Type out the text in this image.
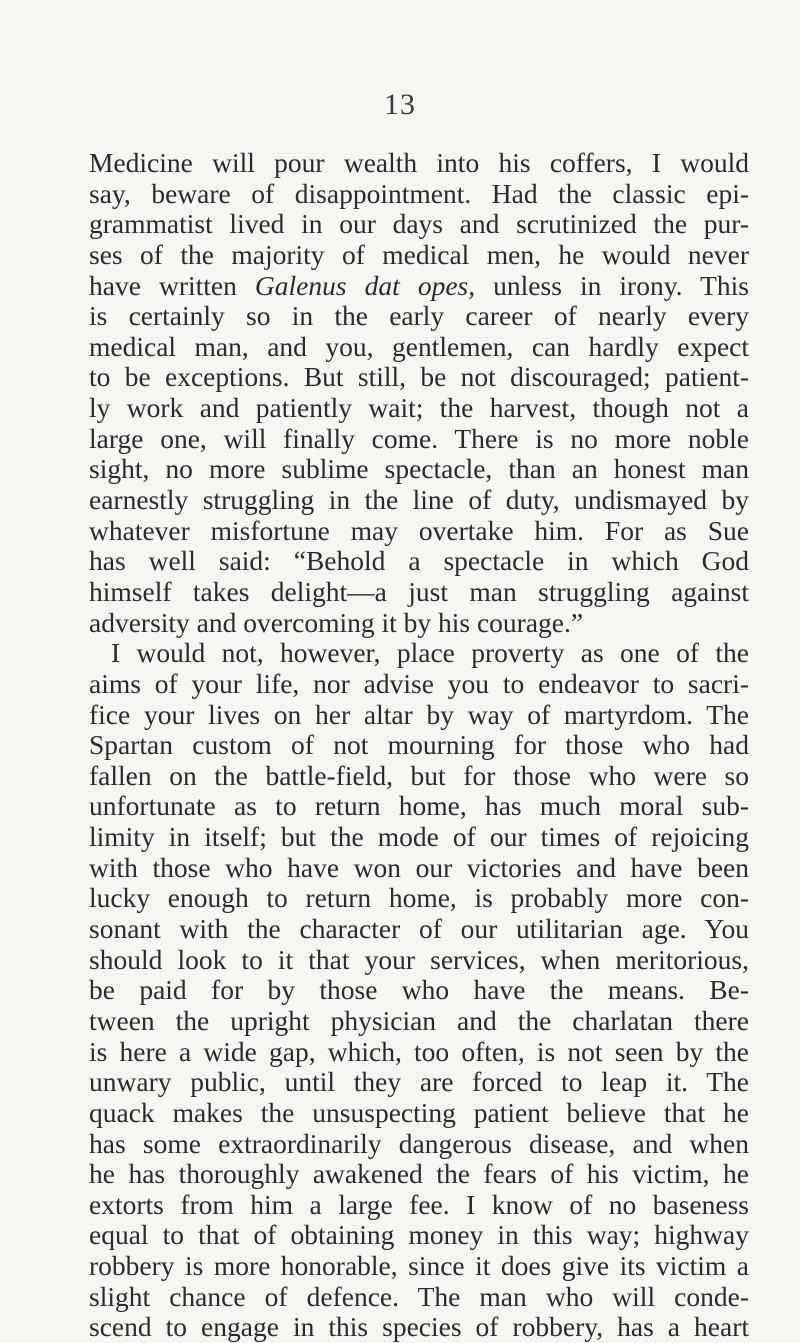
13
Medicine will pour wealth into his coffers, I would
say, beware of disappointment. Had the classic epi-
grammatist lived in our days and scrutinized the pur-
ses of the majority of medical men, he would never
have written Galenus dat opes, unless in irony. This
is certainly so in the early career of nearly every
medical man, and you, gentlemen, can hardly expect
to be exceptions. But still, be not discouraged; patient-
ly work and patiently wait; the harvest, though not a
large one, will finally come. There is no more noble
sight, no more sublime spectacle, than an honest man
earnestly struggling in the line of duty, undismayed by
whatever misfortune may overtake him. For as Sue
has well said: “Behold a spectacle in which God
himself takes delight—a just man struggling against
adversity and overcoming it by his courage.”
I would not, however, place proverty as one of the
aims of your life, nor advise you to endeavor to sacri-
fice your lives on her altar by way of martyrdom. The
Spartan custom of not mourning for those who had
fallen on the battle-field, but for those who were so
unfortunate as to return home, has much moral sub-
limity in itself; but the mode of our times of rejoicing
with those who have won our victories and have been
lucky enough to return home, is probably more con-
sonant with the character of our utilitarian age. You
should look to it that your services, when meritorious,
be paid for by those who have the means. Be-
tween the upright physician and the charlatan there
is here a wide gap, which, too often, is not seen by the
unwary public, until they are forced to leap it. The
quack makes the unsuspecting patient believe that he
has some extraordinarily dangerous disease, and when
he has thoroughly awakened the fears of his victim, he
extorts from him a large fee. I know of no baseness
equal to that of obtaining money in this way; highway
robbery is more honorable, since it does give its victim a
slight chance of defence. The man who will conde-
scend to engage in this species of robbery, has a heart
